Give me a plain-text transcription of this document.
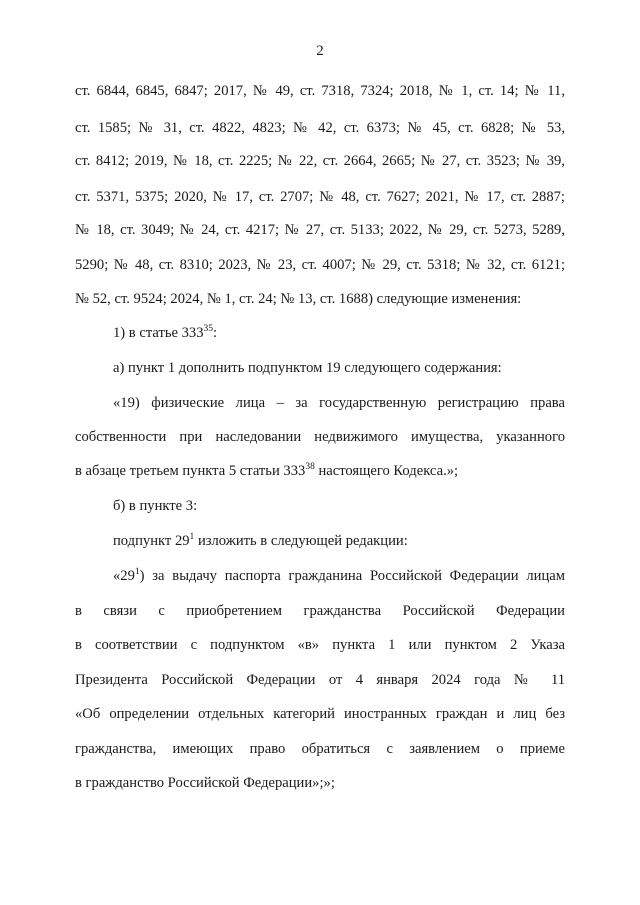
2
ст. 6844, 6845, 6847; 2017, № 49, ст. 7318, 7324; 2018, № 1, ст. 14; № 11,
ст. 1585; № 31, ст. 4822, 4823; № 42, ст. 6373; № 45, ст. 6828; № 53,
ст. 8412; 2019, № 18, ст. 2225; № 22, ст. 2664, 2665; № 27, ст. 3523; № 39,
ст. 5371, 5375; 2020, № 17, ст. 2707; № 48, ст. 7627; 2021, № 17, ст. 2887;
№ 18, ст. 3049; № 24, ст. 4217; № 27, ст. 5133; 2022, № 29, ст. 5273, 5289,
5290; № 48, ст. 8310; 2023, № 23, ст. 4007; № 29, ст. 5318; № 32, ст. 6121;
№ 52, ст. 9524; 2024, № 1, ст. 24; № 13, ст. 1688) следующие изменения:
1) в статье $333^{35}$:
а) пункт 1 дополнить подпунктом 19 следующего содержания:
«19) физические лица – за государственную регистрацию права
собственности при наследовании недвижимого имущества, указанного
в абзаце третьем пункта 5 статьи $333^{38}$ настоящего Кодекса.»;
б) в пункте 3:
подпункт $29^1$ изложить в следующей редакции:
«$29^1$) за выдачу паспорта гражданина Российской Федерации лицам
в связи с приобретением гражданства Российской Федерации
в соответствии с подпунктом «в» пункта 1 или пунктом 2 Указа
Президента Российской Федерации от 4 января 2024 года № 11
«Об определении отдельных категорий иностранных граждан и лиц без
гражданства, имеющих право обратиться с заявлением о приеме
в гражданство Российской Федерации»;»;
